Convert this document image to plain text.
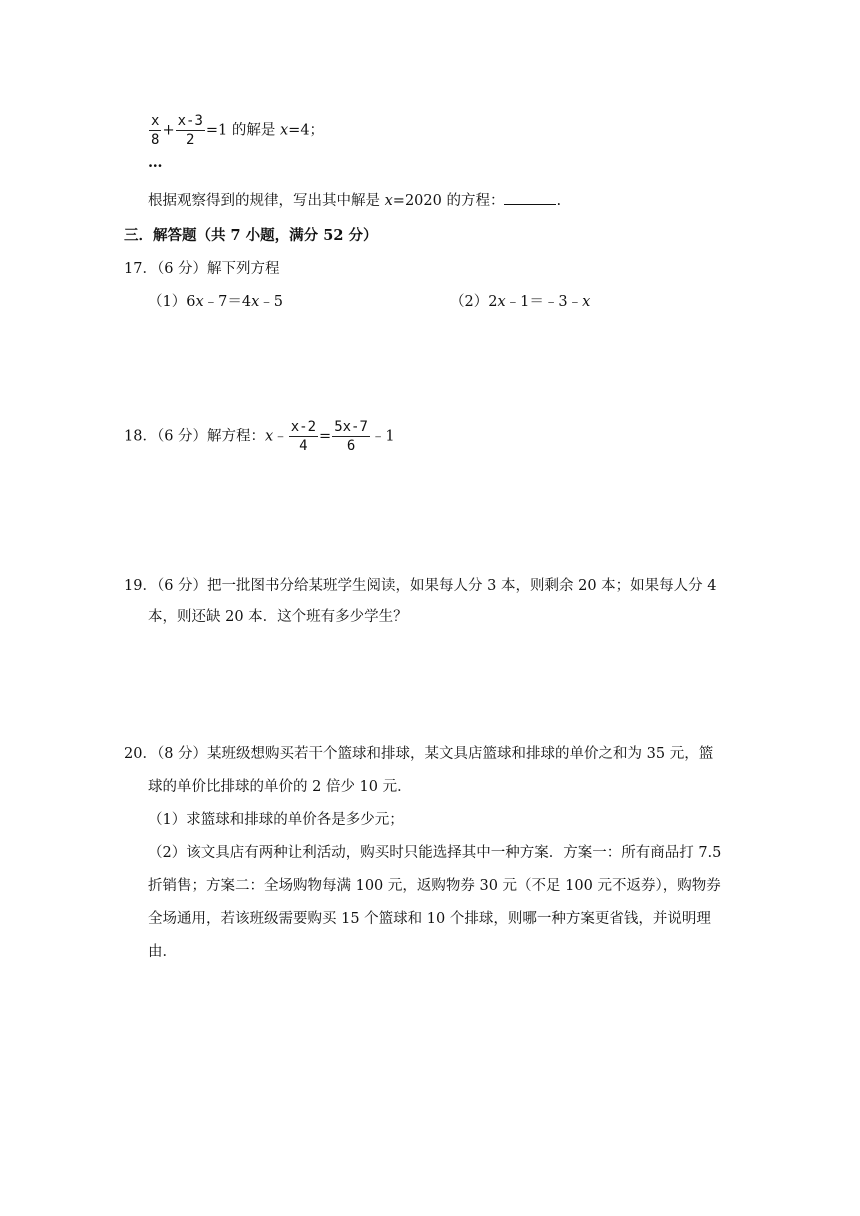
$\frac{x}{8} + \frac{x-3}{2} =1$ 的解是 x=4；
…
根据观察得到的规律，写出其中解是 x=2020 的方程：	.
三．解答题（共 7 小题，满分 52 分）
17．（6 分）解下列方程
（1）6x﹣7＝4x﹣5	（2）2x﹣1＝﹣3﹣x
18．（6 分）解方程：x﹣ $\frac{x-2}{4} = \frac{5x-7}{6}$ ﹣1
19．（6 分）把一批图书分给某班学生阅读，如果每人分 3 本，则剩余 20 本；如果每人分 4
本，则还缺 20 本．这个班有多少学生？
20．（8 分）某班级想购买若干个篮球和排球，某文具店篮球和排球的单价之和为 35 元，篮
球的单价比排球的单价的 2 倍少 10 元．
（1）求篮球和排球的单价各是多少元；
（2）该文具店有两种让利活动，购买时只能选择其中一种方案．方案一：所有商品打 7.5
折销售；方案二：全场购物每满 100 元，返购物券 30 元（不足 100 元不返券），购物券
全场通用，若该班级需要购买 15 个篮球和 10 个排球，则哪一种方案更省钱，并说明理
由．
